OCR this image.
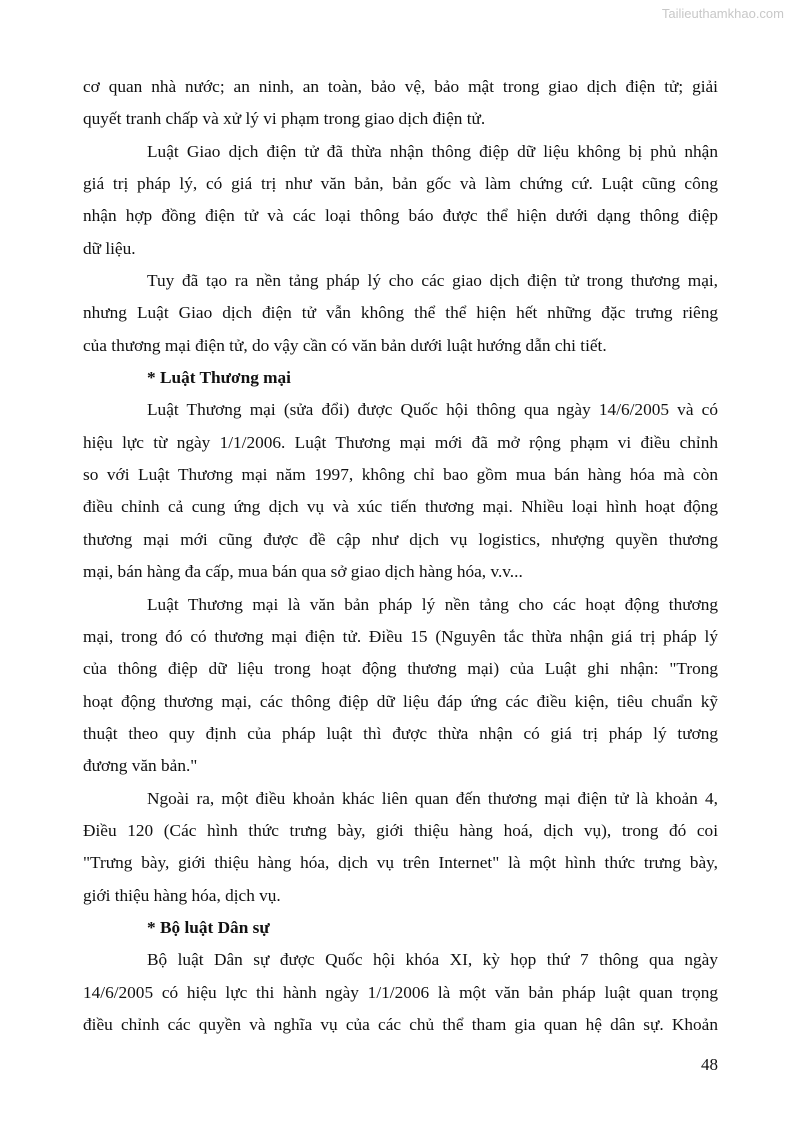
Tailieuthamkhao.com
cơ quan nhà nước; an ninh, an toàn, bảo vệ, bảo mật trong giao dịch điện tử; giải
quyết tranh chấp và xử lý vi phạm trong giao dịch điện tử.
Luật Giao dịch điện tử đã thừa nhận thông điệp dữ liệu không bị phủ nhận
giá trị pháp lý, có giá trị như văn bản, bản gốc và làm chứng cứ. Luật cũng công
nhận hợp đồng điện tử và các loại thông báo được thể hiện dưới dạng thông điệp
dữ liệu.
Tuy đã tạo ra nền tảng pháp lý cho các giao dịch điện tử trong thương mại,
nhưng Luật Giao dịch điện tử vẫn không thể thể hiện hết những đặc trưng riêng
của thương mại điện tử, do vậy cần có văn bản dưới luật hướng dẫn chi tiết.
* Luật Thương mại
Luật Thương mại (sửa đổi) được Quốc hội thông qua ngày 14/6/2005 và có
hiệu lực từ ngày 1/1/2006. Luật Thương mại mới đã mở rộng phạm vi điều chỉnh
so với Luật Thương mại năm 1997, không chỉ bao gồm mua bán hàng hóa mà còn
điều chỉnh cả cung ứng dịch vụ và xúc tiến thương mại. Nhiều loại hình hoạt động
thương mại mới cũng được đề cập như dịch vụ logistics, nhượng quyền thương
mại, bán hàng đa cấp, mua bán qua sở giao dịch hàng hóa, v.v...
Luật Thương mại là văn bản pháp lý nền tảng cho các hoạt động thương
mại, trong đó có thương mại điện tử. Điều 15 (Nguyên tắc thừa nhận giá trị pháp lý
của thông điệp dữ liệu trong hoạt động thương mại) của Luật ghi nhận: "Trong
hoạt động thương mại, các thông điệp dữ liệu đáp ứng các điều kiện, tiêu chuẩn kỹ
thuật theo quy định của pháp luật thì được thừa nhận có giá trị pháp lý tương
đương văn bản."
Ngoài ra, một điều khoản khác liên quan đến thương mại điện tử là khoản 4,
Điều 120 (Các hình thức trưng bày, giới thiệu hàng hoá, dịch vụ), trong đó coi
"Trưng bày, giới thiệu hàng hóa, dịch vụ trên Internet" là một hình thức trưng bày,
giới thiệu hàng hóa, dịch vụ.
* Bộ luật Dân sự
Bộ luật Dân sự được Quốc hội khóa XI, kỳ họp thứ 7 thông qua ngày
14/6/2005 có hiệu lực thi hành ngày 1/1/2006 là một văn bản pháp luật quan trọng
điều chỉnh các quyền và nghĩa vụ của các chủ thể tham gia quan hệ dân sự. Khoản
48
